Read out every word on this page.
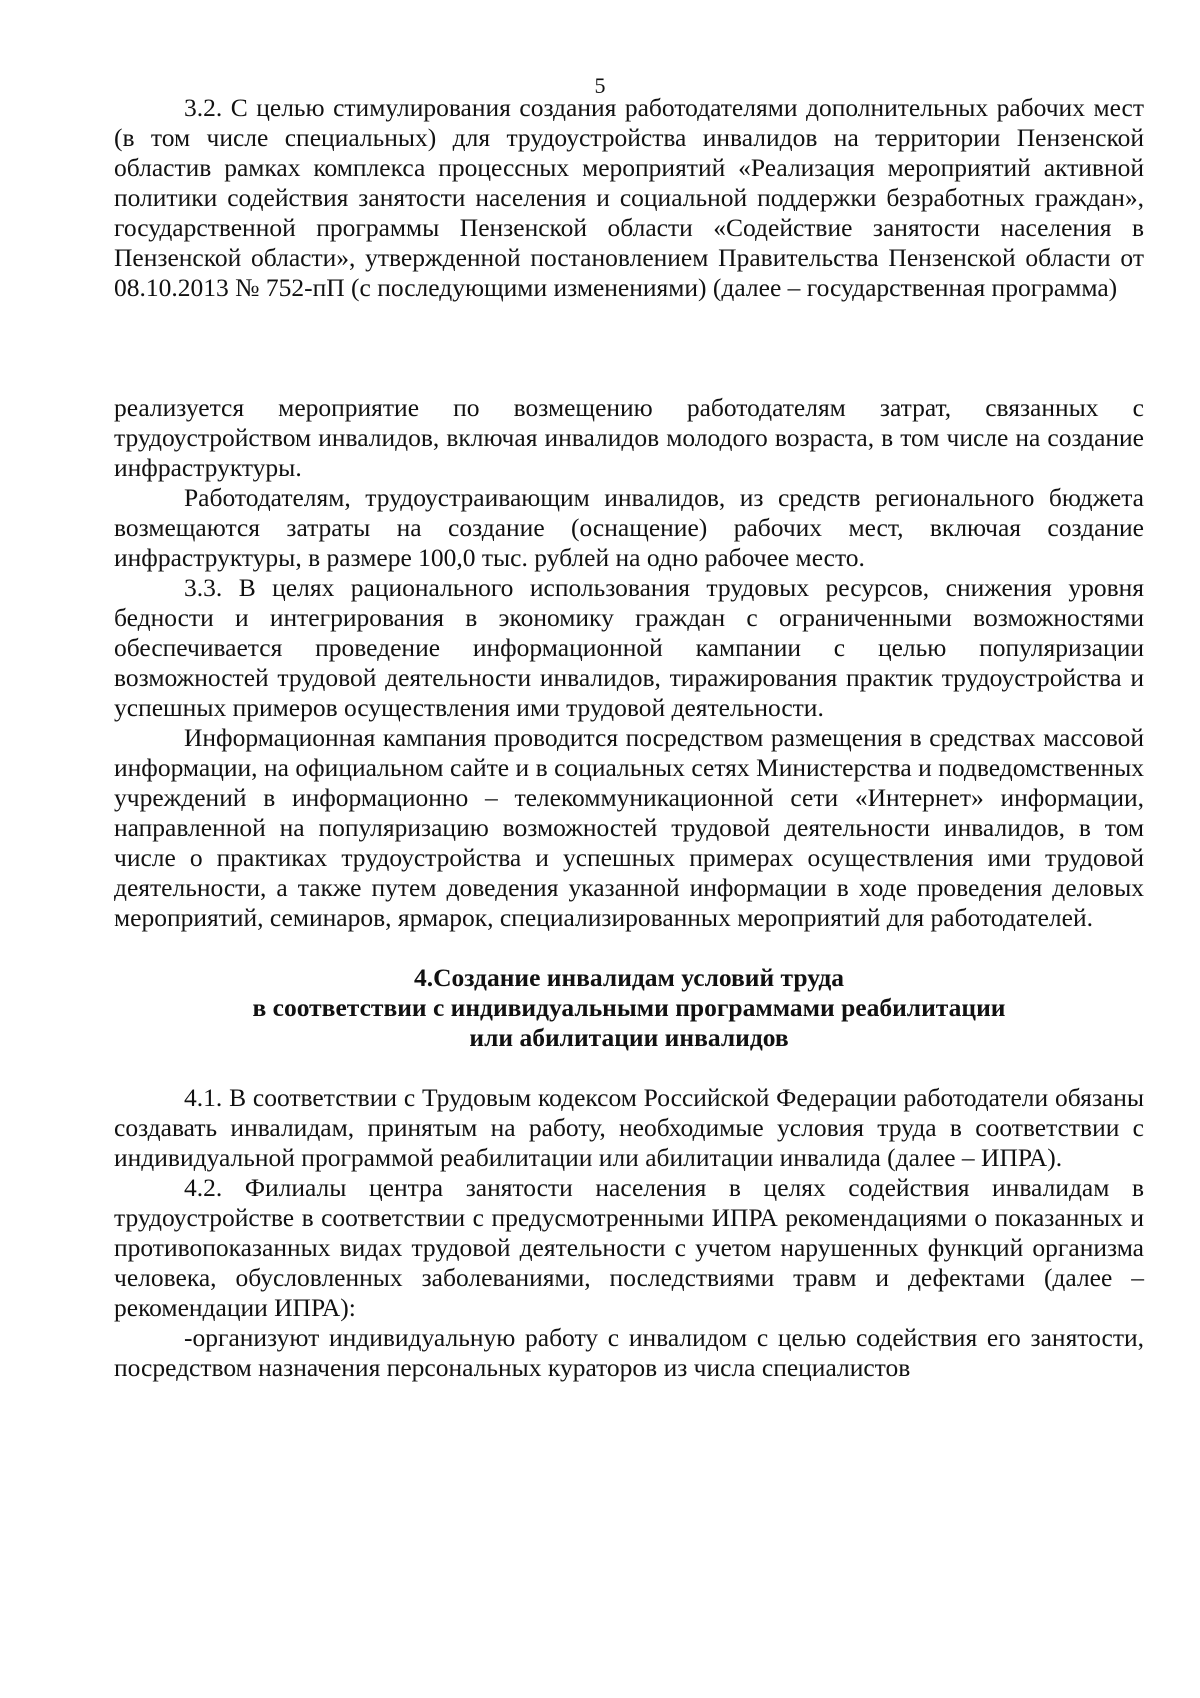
5

3.2. С целью стимулирования создания работодателями дополнительных рабочих мест (в том числе специальных) для трудоустройства инвалидов на территории Пензенской областив рамках комплекса процессных мероприятий «Реализация мероприятий активной политики содействия занятости населения и социальной поддержки безработных граждан», государственной программы Пензенской области «Содействие занятости населения в Пензенской области», утвержденной постановлением Правительства Пензенской области от 08.10.2013 № 752-пП (с последующими изменениями) (далее – государственная программа)

реализуется мероприятие по возмещению работодателям затрат, связанных с трудоустройством инвалидов, включая инвалидов молодого возраста, в том числе на создание инфраструктуры.

Работодателям, трудоустраивающим инвалидов, из средств регионального бюджета возмещаются затраты на создание (оснащение) рабочих мест, включая создание инфраструктуры, в размере 100,0 тыс. рублей на одно рабочее место.

3.3. В целях рационального использования трудовых ресурсов, снижения уровня бедности и интегрирования в экономику граждан с ограниченными возможностями обеспечивается проведение информационной кампании с целью популяризации возможностей трудовой деятельности инвалидов, тиражирования практик трудоустройства и успешных примеров осуществления ими трудовой деятельности.

Информационная кампания проводится посредством размещения в средствах массовой информации, на официальном сайте и в социальных сетях Министерства и подведомственных учреждений в информационно – телекоммуникационной сети «Интернет» информации, направленной на популяризацию возможностей трудовой деятельности инвалидов, в том числе о практиках трудоустройства и успешных примерах осуществления ими трудовой деятельности, а также путем доведения указанной информации в ходе проведения деловых мероприятий, семинаров, ярмарок, специализированных мероприятий для работодателей.

4.Создание инвалидам условий труда

в соответствии с индивидуальными программами реабилитации

или абилитации инвалидов

4.1. В соответствии с Трудовым кодексом Российской Федерации работодатели обязаны создавать инвалидам, принятым на работу, необходимые условия труда в соответствии с индивидуальной программой реабилитации или абилитации инвалида (далее – ИПРА).

4.2. Филиалы центра занятости населения в целях содействия инвалидам в трудоустройстве в соответствии с предусмотренными ИПРА рекомендациями о показанных и противопоказанных видах трудовой деятельности с учетом нарушенных функций организма человека, обусловленных заболеваниями, последствиями травм и дефектами (далее – рекомендации ИПРА):

-организуют индивидуальную работу с инвалидом с целью содействия его занятости, посредством назначения персональных кураторов из числа специалистов
